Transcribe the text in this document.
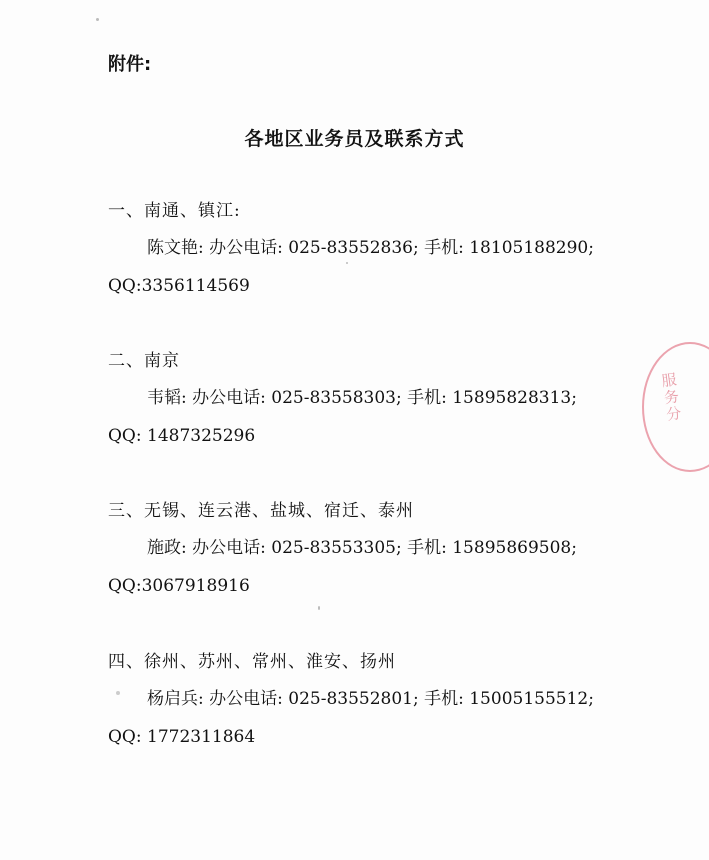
附件:
各地区业务员及联系方式
一、南通、镇江:
陈文艳: 办公电话: 025-83552836; 手机: 18105188290;
QQ:3356114569
二、南京
韦韬: 办公电话: 025-83558303; 手机: 15895828313;
QQ: 1487325296
三、无锡、连云港、盐城、宿迁、泰州
施政: 办公电话: 025-83553305; 手机: 15895869508;
QQ:3067918916
四、徐州、苏州、常州、淮安、扬州
杨启兵: 办公电话: 025-83552801; 手机: 15005155512;
QQ: 1772311864
服务分
